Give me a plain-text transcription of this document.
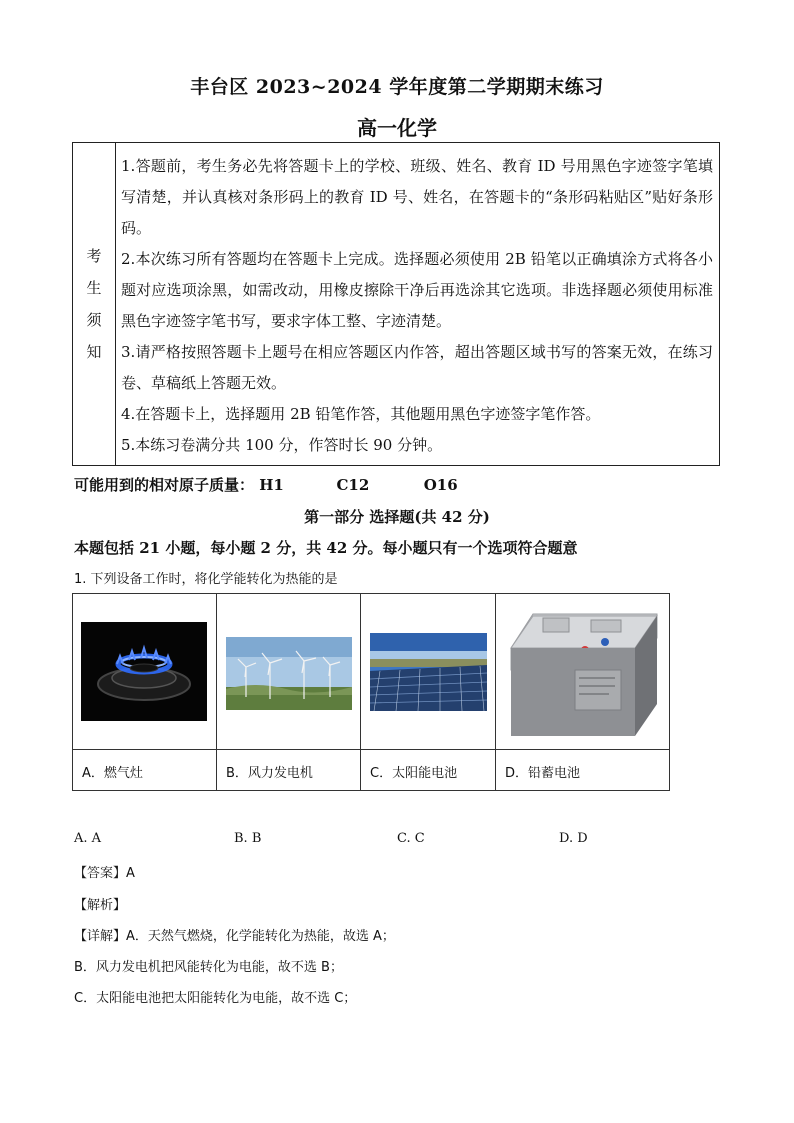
丰台区 2023~2024 学年度第二学期期末练习
高一化学
考
生
须
知

1.答题前，考生务必先将答题卡上的学校、班级、姓名、教育 ID 号用黑色字迹签字笔填写清楚，并认真核对条形码上的教育 ID 号、姓名，在答题卡的“条形码粘贴区”贴好条形码。

2.本次练习所有答题均在答题卡上完成。选择题必须使用 2B 铅笔以正确填涂方式将各小题对应选项涂黑，如需改动，用橡皮擦除干净后再选涂其它选项。非选择题必须使用标准黑色字迹签字笔书写，要求字体工整、字迹清楚。

3.请严格按照答题卡上题号在相应答题区内作答，超出答题区域书写的答案无效，在练习卷、草稿纸上答题无效。

4.在答题卡上，选择题用 2B 铅笔作答，其他题用黑色字迹签字笔作答。

5.本练习卷满分共 100 分，作答时长 90 分钟。

可能用到的相对原子质量： H1	C12	O16
第一部分 选择题(共 42 分)
本题包括 21 小题，每小题 2 分，共 42 分。每小题只有一个选项符合题意
1. 下列设备工作时，将化学能转化为热能的是
A．燃气灶	B．风力发电机	C．太阳能电池	D．铅蓄电池
A. A	B. B	C. C	D. D
【答案】A
【解析】
【详解】A．天然气燃烧，化学能转化为热能，故选 A；
B．风力发电机把风能转化为电能，故不选 B；
C．太阳能电池把太阳能转化为电能，故不选 C；
